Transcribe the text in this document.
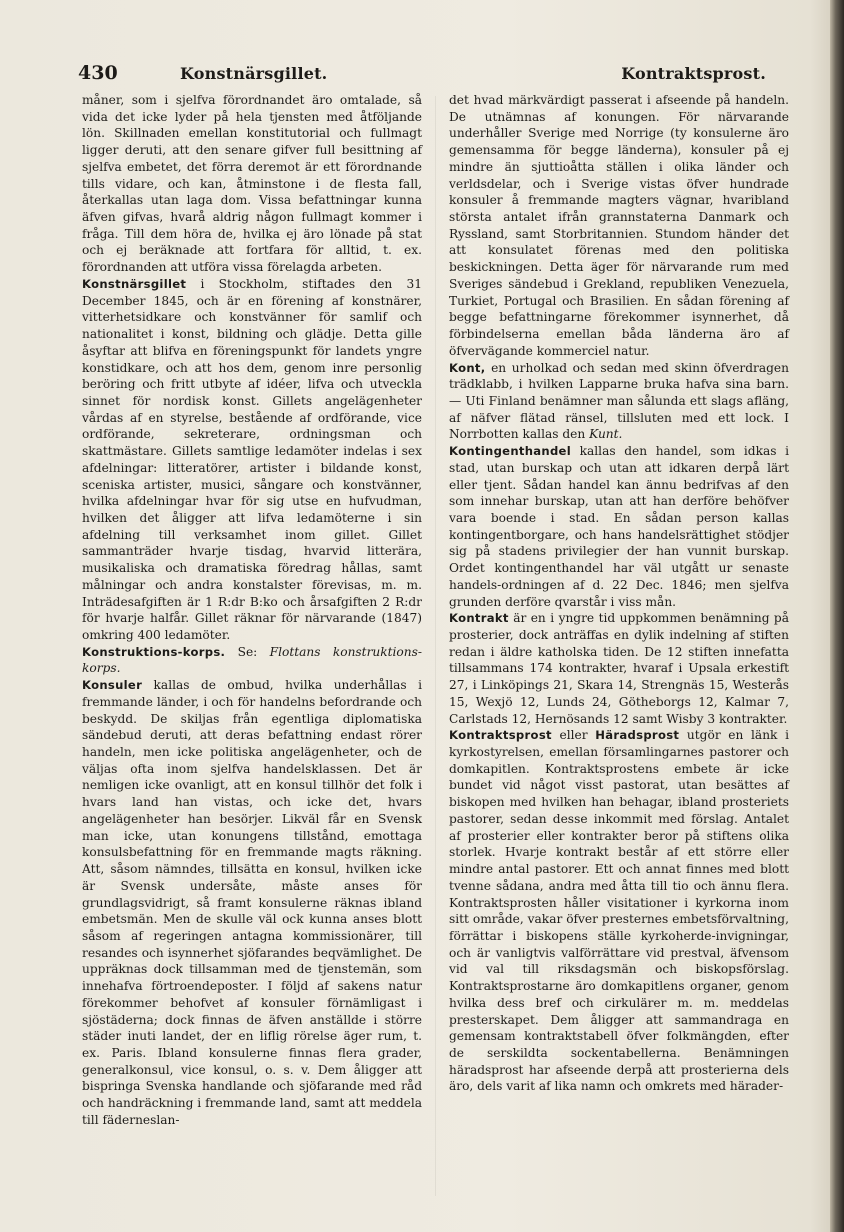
430	Konstnärsgillet.	Kontraktsprost.

måner, som i sjelfva förordnandet äro omtalade, så vida det icke lyder på hela tjensten med åtföljande lön. Skillnaden emellan konstitutorial och fullmagt ligger deruti, att den senare gifver full besittning af sjelfva embetet, det förra deremot är ett förordnande tills vidare, och kan, åtminstone i de flesta fall, återkallas utan laga dom. Vissa befattningar kunna äfven gifvas, hvarå aldrig någon fullmagt kommer i fråga. Till dem höra de, hvilka ej äro lönade på stat och ej beräknade att fortfara för alltid, t. ex. förordnanden att utföra vissa förelagda arbeten.

Konstnärsgillet i Stockholm, stiftades den 31 December 1845, och är en förening af konstnärer, vitterhetsidkare och konstvänner för samlif och nationalitet i konst, bildning och glädje. Detta gille åsyftar att blifva en föreningspunkt för landets yngre konstidkare, och att hos dem, genom inre personlig beröring och fritt utbyte af idéer, lifva och utveckla sinnet för nordisk konst. Gillets angelägenheter vårdas af en styrelse, bestående af ordförande, vice ordförande, sekreterare, ordningsman och skattmästare. Gillets samtlige ledamöter indelas i sex afdelningar: litteratörer, artister i bildande konst, sceniska artister, musici, sångare och konstvänner, hvilka afdelningar hvar för sig utse en hufvudman, hvilken det åligger att lifva ledamöterne i sin afdelning till verksamhet inom gillet. Gillet sammanträder hvarje tisdag, hvarvid litterära, musikaliska och dramatiska föredrag hållas, samt målningar och andra konstalster förevisas, m. m. Inträdesafgiften är 1 R:dr B:ko och årsafgiften 2 R:dr för hvarje halfår. Gillet räknar för närvarande (1847) omkring 400 ledamöter.

Konstruktions-korps. Se: Flottans konstruktions-korps.

Konsuler kallas de ombud, hvilka underhållas i fremmande länder, i och för handelns befordrande och beskydd. De skiljas från egentliga diplomatiska sändebud deruti, att deras befattning endast rörer handeln, men icke politiska angelägenheter, och de väljas ofta inom sjelfva handelsklassen. Det är nemligen icke ovanligt, att en konsul tillhör det folk i hvars land han vistas, och icke det, hvars angelägenheter han besörjer. Likväl får en Svensk man icke, utan konungens tillstånd, emottaga konsulsbefattning för en fremmande magts räkning. Att, såsom nämndes, tillsätta en konsul, hvilken icke är Svensk undersåte, måste anses för grundlagsvidrigt, så framt konsulerne räknas ibland embetsmän. Men de skulle väl ock kunna anses blott såsom af regeringen antagna kommissionärer, till resandes och isynnerhet sjöfarandes beqvämlighet. De uppräknas dock tillsamman med de tjenstemän, som innehafva förtroendeposter. I följd af sakens natur förekommer behofvet af konsuler förnämligast i sjöstäderna; dock finnas de äfven anställde i större städer inuti landet, der en liflig rörelse äger rum, t. ex. Paris. Ibland konsulerne finnas flera grader, generalkonsul, vice konsul, o. s. v. Dem åligger att bispringa Svenska handlande och sjöfarande med råd och handräckning i fremmande land, samt att meddela till fäderneslan-

det hvad märkvärdigt passerat i afseende på handeln. De utnämnas af konungen. För närvarande underhåller Sverige med Norrige (ty konsulerne äro gemensamma för begge länderna), konsuler på ej mindre än sjuttioåtta ställen i olika länder och verldsdelar, och i Sverige vistas öfver hundrade konsuler å fremmande magters vägnar, hvaribland största antalet ifrån grannstaterna Danmark och Ryssland, samt Storbritannien. Stundom händer det att konsulatet förenas med den politiska beskickningen. Detta äger för närvarande rum med Sveriges sändebud i Grekland, republiken Venezuela, Turkiet, Portugal och Brasilien. En sådan förening af begge befattningarne förekommer isynnerhet, då förbindelserna emellan båda länderna äro af öfvervägande kommerciel natur.

Kont, en urholkad och sedan med skinn öfverdragen trädklabb, i hvilken Lapparne bruka hafva sina barn. — Uti Finland benämner man sålunda ett slags afläng, af näfver flätad ränsel, tillsluten med ett lock. I Norrbotten kallas den Kunt.

Kontingenthandel kallas den handel, som idkas i stad, utan burskap och utan att idkaren derpå lärt eller tjent. Sådan handel kan ännu bedrifvas af den som innehar burskap, utan att han derföre behöfver vara boende i stad. En sådan person kallas kontingentborgare, och hans handelsrättighet stödjer sig på stadens privilegier der han vunnit burskap. Ordet kontingenthandel har väl utgått ur senaste handels-ordningen af d. 22 Dec. 1846; men sjelfva grunden derföre qvarstår i viss mån.

Kontrakt är en i yngre tid uppkommen benämning på prosterier, dock anträffas en dylik indelning af stiften redan i äldre katholska tiden. De 12 stiften innefatta tillsammans 174 kontrakter, hvaraf i Upsala erkestift 27, i Linköpings 21, Skara 14, Strengnäs 15, Westerås 15, Wexjö 12, Lunds 24, Götheborgs 12, Kalmar 7, Carlstads 12, Hernösands 12 samt Wisby 3 kontrakter.

Kontraktsprost eller Häradsprost utgör en länk i kyrkostyrelsen, emellan församlingarnes pastorer och domkapitlen. Kontraktsprostens embete är icke bundet vid något visst pastorat, utan besättes af biskopen med hvilken han behagar, ibland prosteriets pastorer, sedan desse inkommit med förslag. Antalet af prosterier eller kontrakter beror på stiftens olika storlek. Hvarje kontrakt består af ett större eller mindre antal pastorer. Ett och annat finnes med blott tvenne sådana, andra med åtta till tio och ännu flera. Kontraktsprosten håller visitationer i kyrkorna inom sitt område, vakar öfver presternes embetsförvaltning, förrättar i biskopens ställe kyrkoherde-invigningar, och är vanligtvis valförrättare vid prestval, äfvensom vid val till riksdagsmän och biskopsförslag. Kontraktsprostarne äro domkapitlens organer, genom hvilka dess bref och cirkulärer m. m. meddelas presterskapet. Dem åligger att sammandraga en gemensam kontraktstabell öfver folkmängden, efter de serskildta sockentabellerna. Benämningen häradsprost har afseende derpå att prosterierna dels äro, dels varit af lika namn och omkrets med härader-
